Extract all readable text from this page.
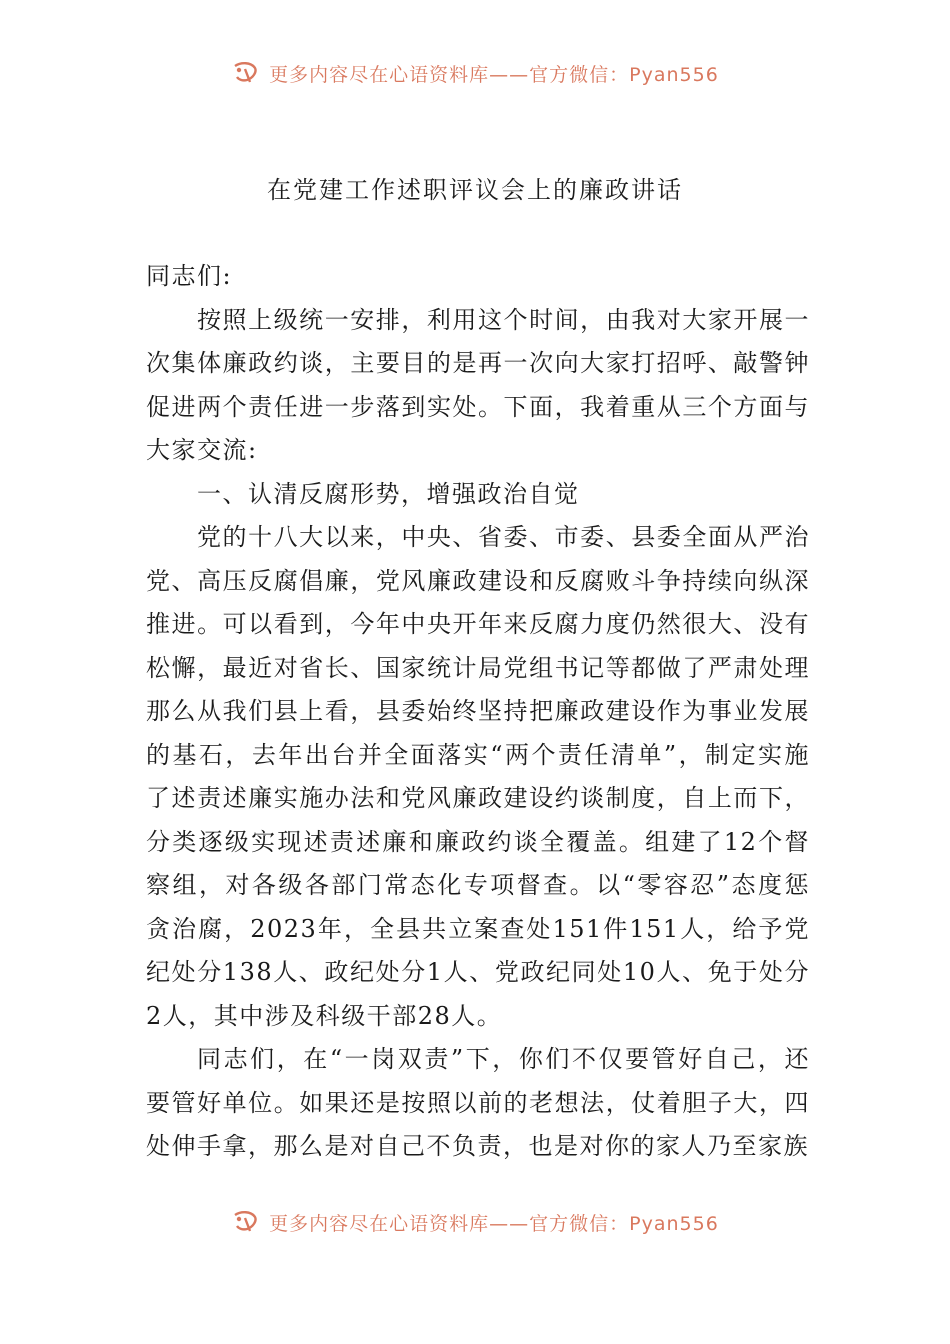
更多内容尽在心语资料库——官方微信：Pyan556
在党建工作述职评议会上的廉政讲话

同志们:

按照上级统一安排，利用这个时间，由我对大家开展一次集体廉政约谈，主要目的是再一次向大家打招呼、敲警钟促进两个责任进一步落到实处。下面，我着重从三个方面与大家交流:

一、认清反腐形势，增强政治自觉

党的十八大以来，中央、省委、市委、县委全面从严治党、高压反腐倡廉，党风廉政建设和反腐败斗争持续向纵深推进。可以看到，今年中央开年来反腐力度仍然很大、没有松懈，最近对省长、国家统计局党组书记等都做了严肃处理那么从我们县上看，县委始终坚持把廉政建设作为事业发展的基石，去年出台并全面落实“两个责任清单”，制定实施了述责述廉实施办法和党风廉政建设约谈制度，自上而下，分类逐级实现述责述廉和廉政约谈全覆盖。组建了12个督察组，对各级各部门常态化专项督查。以“零容忍”态度惩贪治腐，2023年，全县共立案查处151件151人，给予党纪处分138人、政纪处分1人、党政纪同处10人、免于处分2人，其中涉及科级干部28人。

同志们，在“一岗双责”下，你们不仅要管好自己，还要管好单位。如果还是按照以前的老想法，仗着胆子大，四处伸手拿，那么是对自己不负责，也是对你的家人乃至家族

更多内容尽在心语资料库——官方微信：Pyan556
